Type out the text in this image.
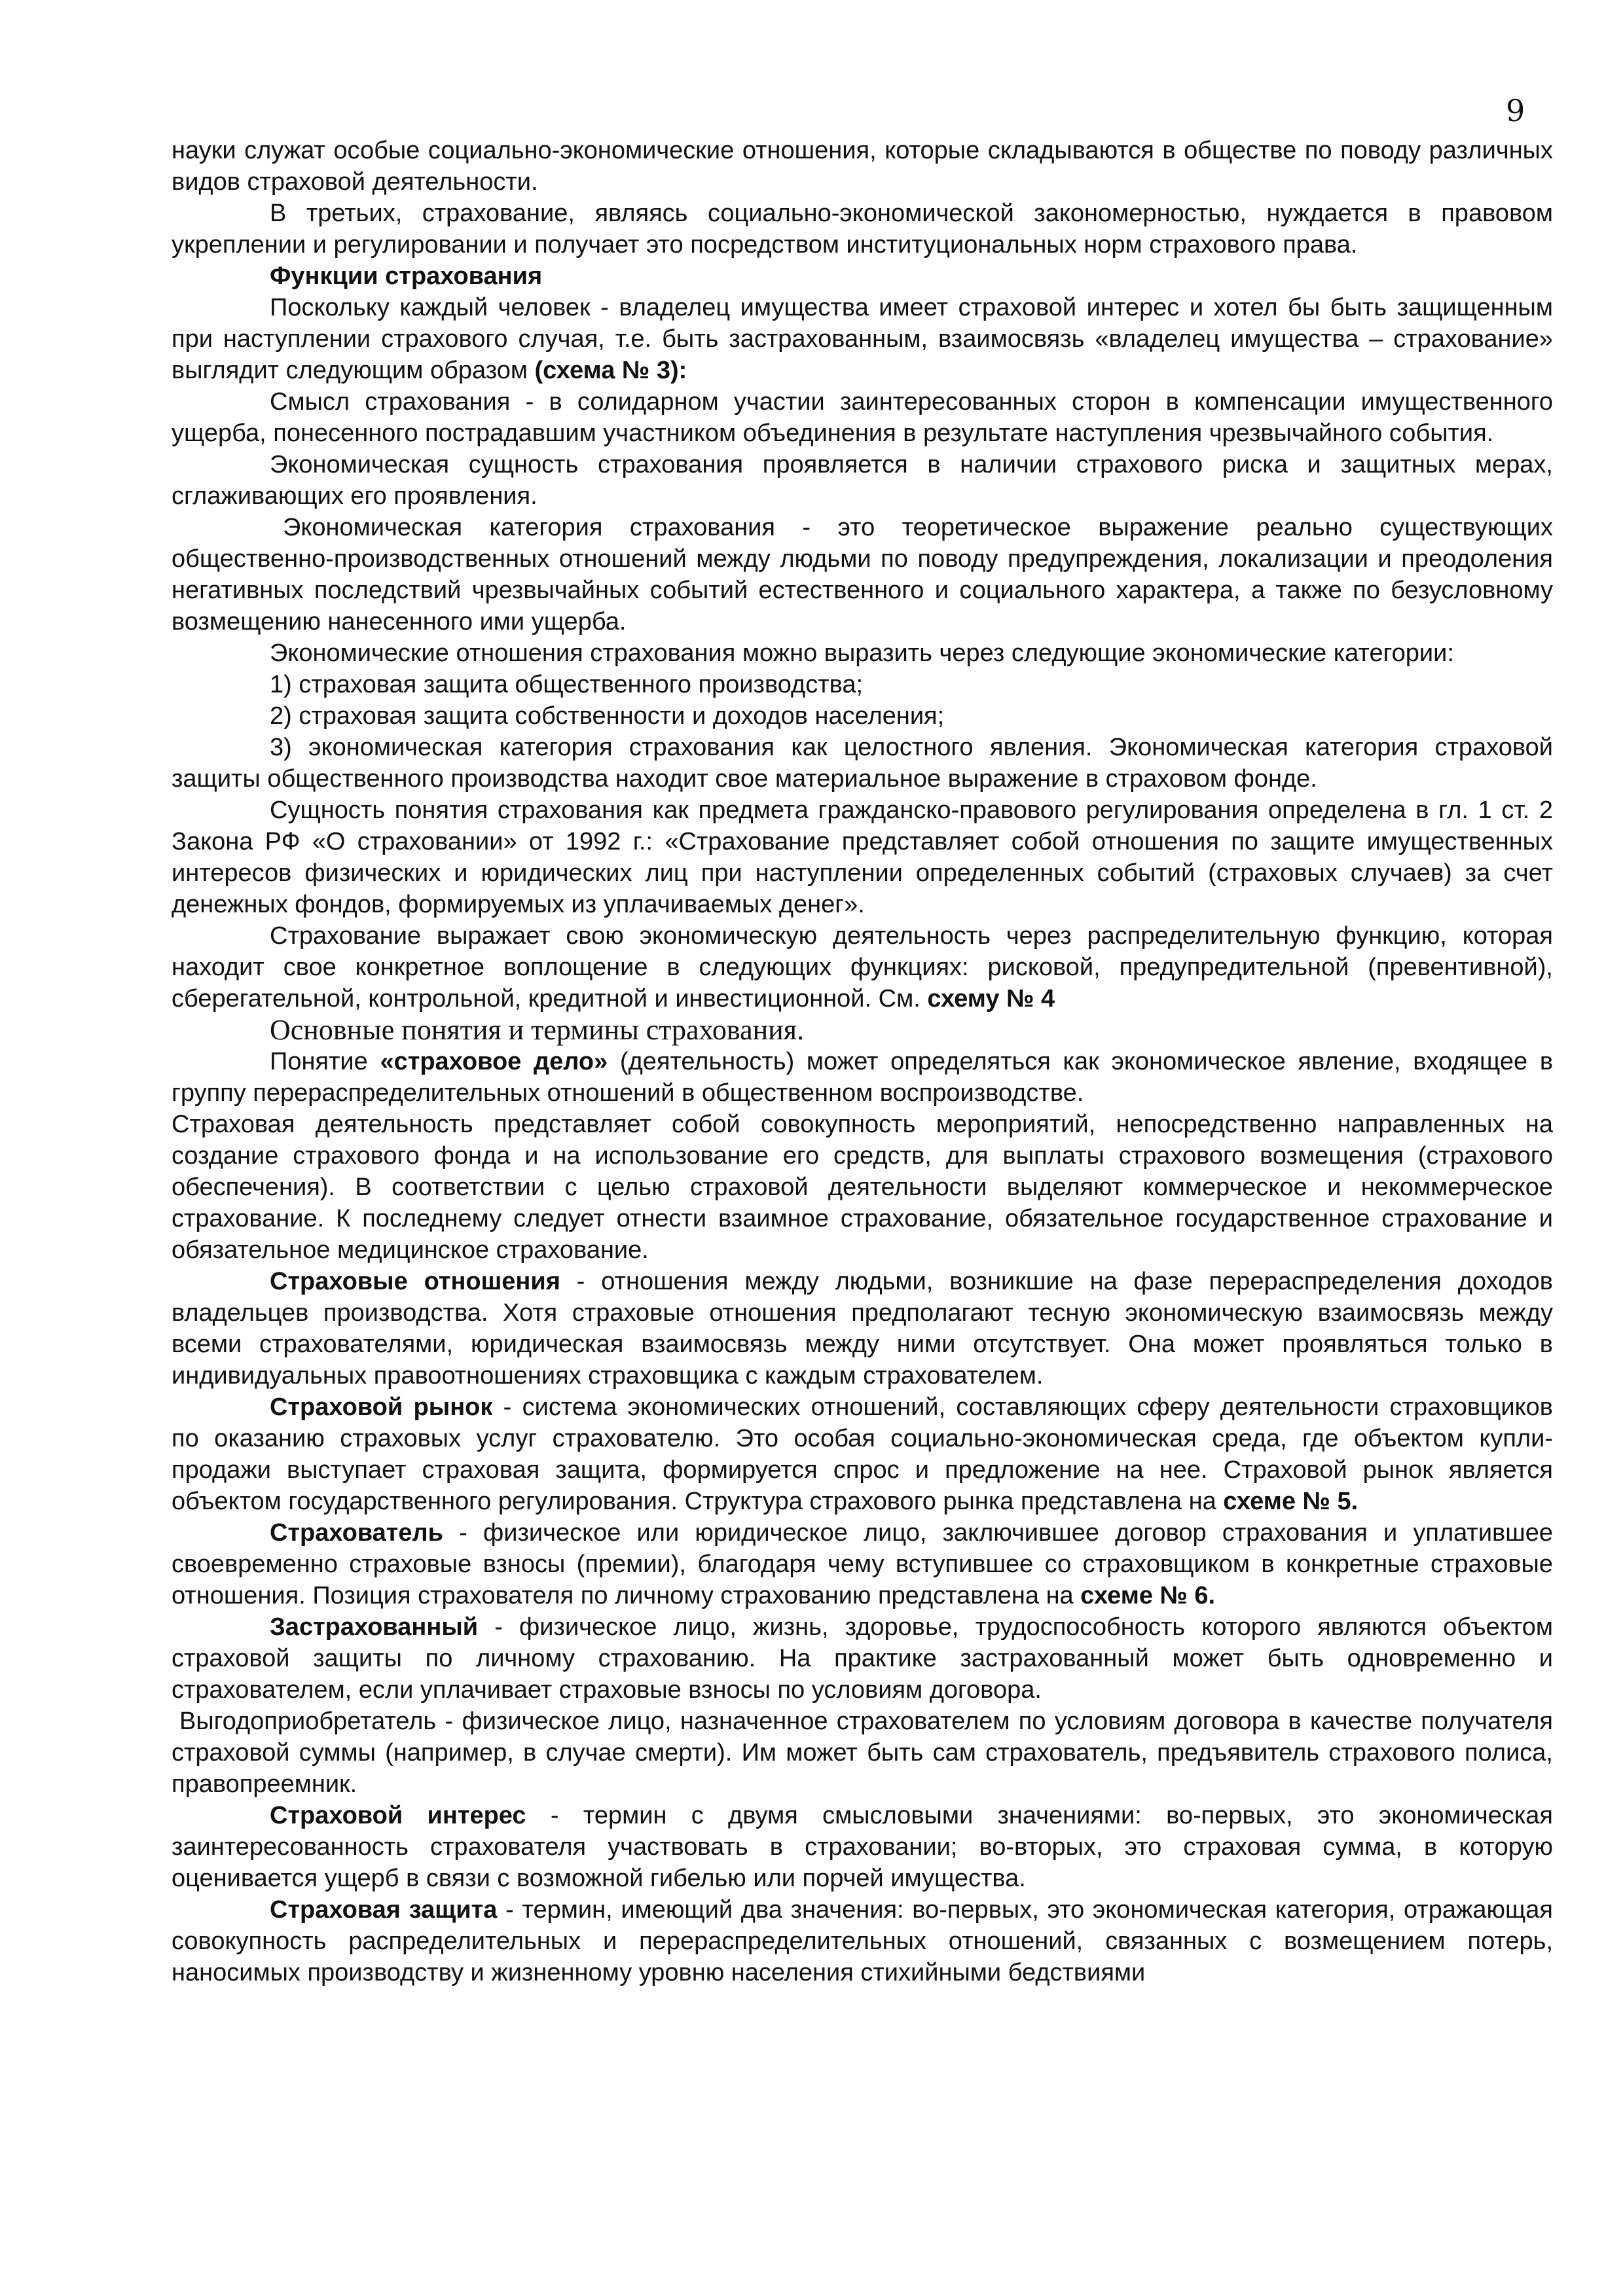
9

науки служат особые социально-экономические отношения, которые складываются в обществе по поводу различных видов страховой деятельности.

В третьих, страхование, являясь социально-экономической закономерностью, нуждается в правовом укреплении и регулировании и получает это посредством институциональных норм страхового права.

Функции страхования

Поскольку каждый человек - владелец имущества имеет страховой интерес и хотел бы быть защищенным при наступлении страхового случая, т.е. быть застрахованным, взаимосвязь «владелец имущества – страхование» выглядит следующим образом (схема № 3):

Смысл страхования - в солидарном участии заинтересованных сторон в компенсации имущественного ущерба, понесенного пострадавшим участником объединения в результате наступления чрезвычайного события.

Экономическая сущность страхования проявляется в наличии страхового риска и защитных мерах, сглаживающих его проявления.

Экономическая категория страхования - это теоретическое выражение реально существующих общественно-производственных отношений между людьми по поводу предупреждения, локализации и преодоления негативных последствий чрезвычайных событий естественного и социального характера, а также по безусловному возмещению нанесенного ими ущерба.

Экономические отношения страхования можно выразить через следующие экономические категории:

1) страховая защита общественного производства;

2) страховая защита собственности и доходов населения;

3) экономическая категория страхования как целостного явления. Экономическая категория страховой защиты общественного производства находит свое материальное выражение в страховом фонде.

Сущность понятия страхования как предмета гражданско-правового регулирования определена в гл. 1 ст. 2 Закона РФ «О страховании» от 1992 г.: «Страхование представляет собой отношения по защите имущественных интересов физических и юридических лиц при наступлении определенных событий (страховых случаев) за счет денежных фондов, формируемых из уплачиваемых денег».

Страхование выражает свою экономическую деятельность через распределительную функцию, которая находит свое конкретное воплощение в следующих функциях: рисковой, предупредительной (превентивной), сберегательной, контрольной, кредитной и инвестиционной. См. схему № 4

Основные понятия и термины страхования.

Понятие «страховое дело» (деятельность) может определяться как экономическое явление, входящее в группу перераспределительных отношений в общественном воспроизводстве.

Страховая деятельность представляет собой совокупность мероприятий, непосредственно направленных на создание страхового фонда и на использование его средств, для выплаты страхового возмещения (страхового обеспечения). В соответствии с целью страховой деятельности выделяют коммерческое и некоммерческое страхование. К последнему следует отнести взаимное страхование, обязательное государственное страхование и обязательное медицинское страхование.

Страховые отношения - отношения между людьми, возникшие на фазе перераспределения доходов владельцев производства. Хотя страховые отношения предполагают тесную экономическую взаимосвязь между всеми страхователями, юридическая взаимосвязь между ними отсутствует. Она может проявляться только в индивидуальных правоотношениях страховщика с каждым страхователем.

Страховой рынок - система экономических отношений, составляющих сферу деятельности страховщиков по оказанию страховых услуг страхователю. Это особая социально-экономическая среда, где объектом купли-продажи выступает страховая защита, формируется спрос и предложение на нее. Страховой рынок является объектом государственного регулирования. Структура страхового рынка представлена на схеме № 5.

Страхователь - физическое или юридическое лицо, заключившее договор страхования и уплатившее своевременно страховые взносы (премии), благодаря чему вступившее со страховщиком в конкретные страховые отношения. Позиция страхователя по личному страхованию представлена на схеме № 6.

Застрахованный - физическое лицо, жизнь, здоровье, трудоспособность которого являются объектом страховой защиты по личному страхованию. На практике застрахованный может быть одновременно и страхователем, если уплачивает страховые взносы по условиям договора.

Выгодоприобретатель - физическое лицо, назначенное страхователем по условиям договора в качестве получателя страховой суммы (например, в случае смерти). Им может быть сам страхователь, предъявитель страхового полиса, правопреемник.

Страховой интерес - термин с двумя смысловыми значениями: во-первых, это экономическая заинтересованность страхователя участвовать в страховании; во-вторых, это страховая сумма, в которую оценивается ущерб в связи с возможной гибелью или порчей имущества.

Страховая защита - термин, имеющий два значения: во-первых, это экономическая категория, отражающая совокупность распределительных и перераспределительных отношений, связанных с возмещением потерь, наносимых производству и жизненному уровню населения стихийными бедствиями
